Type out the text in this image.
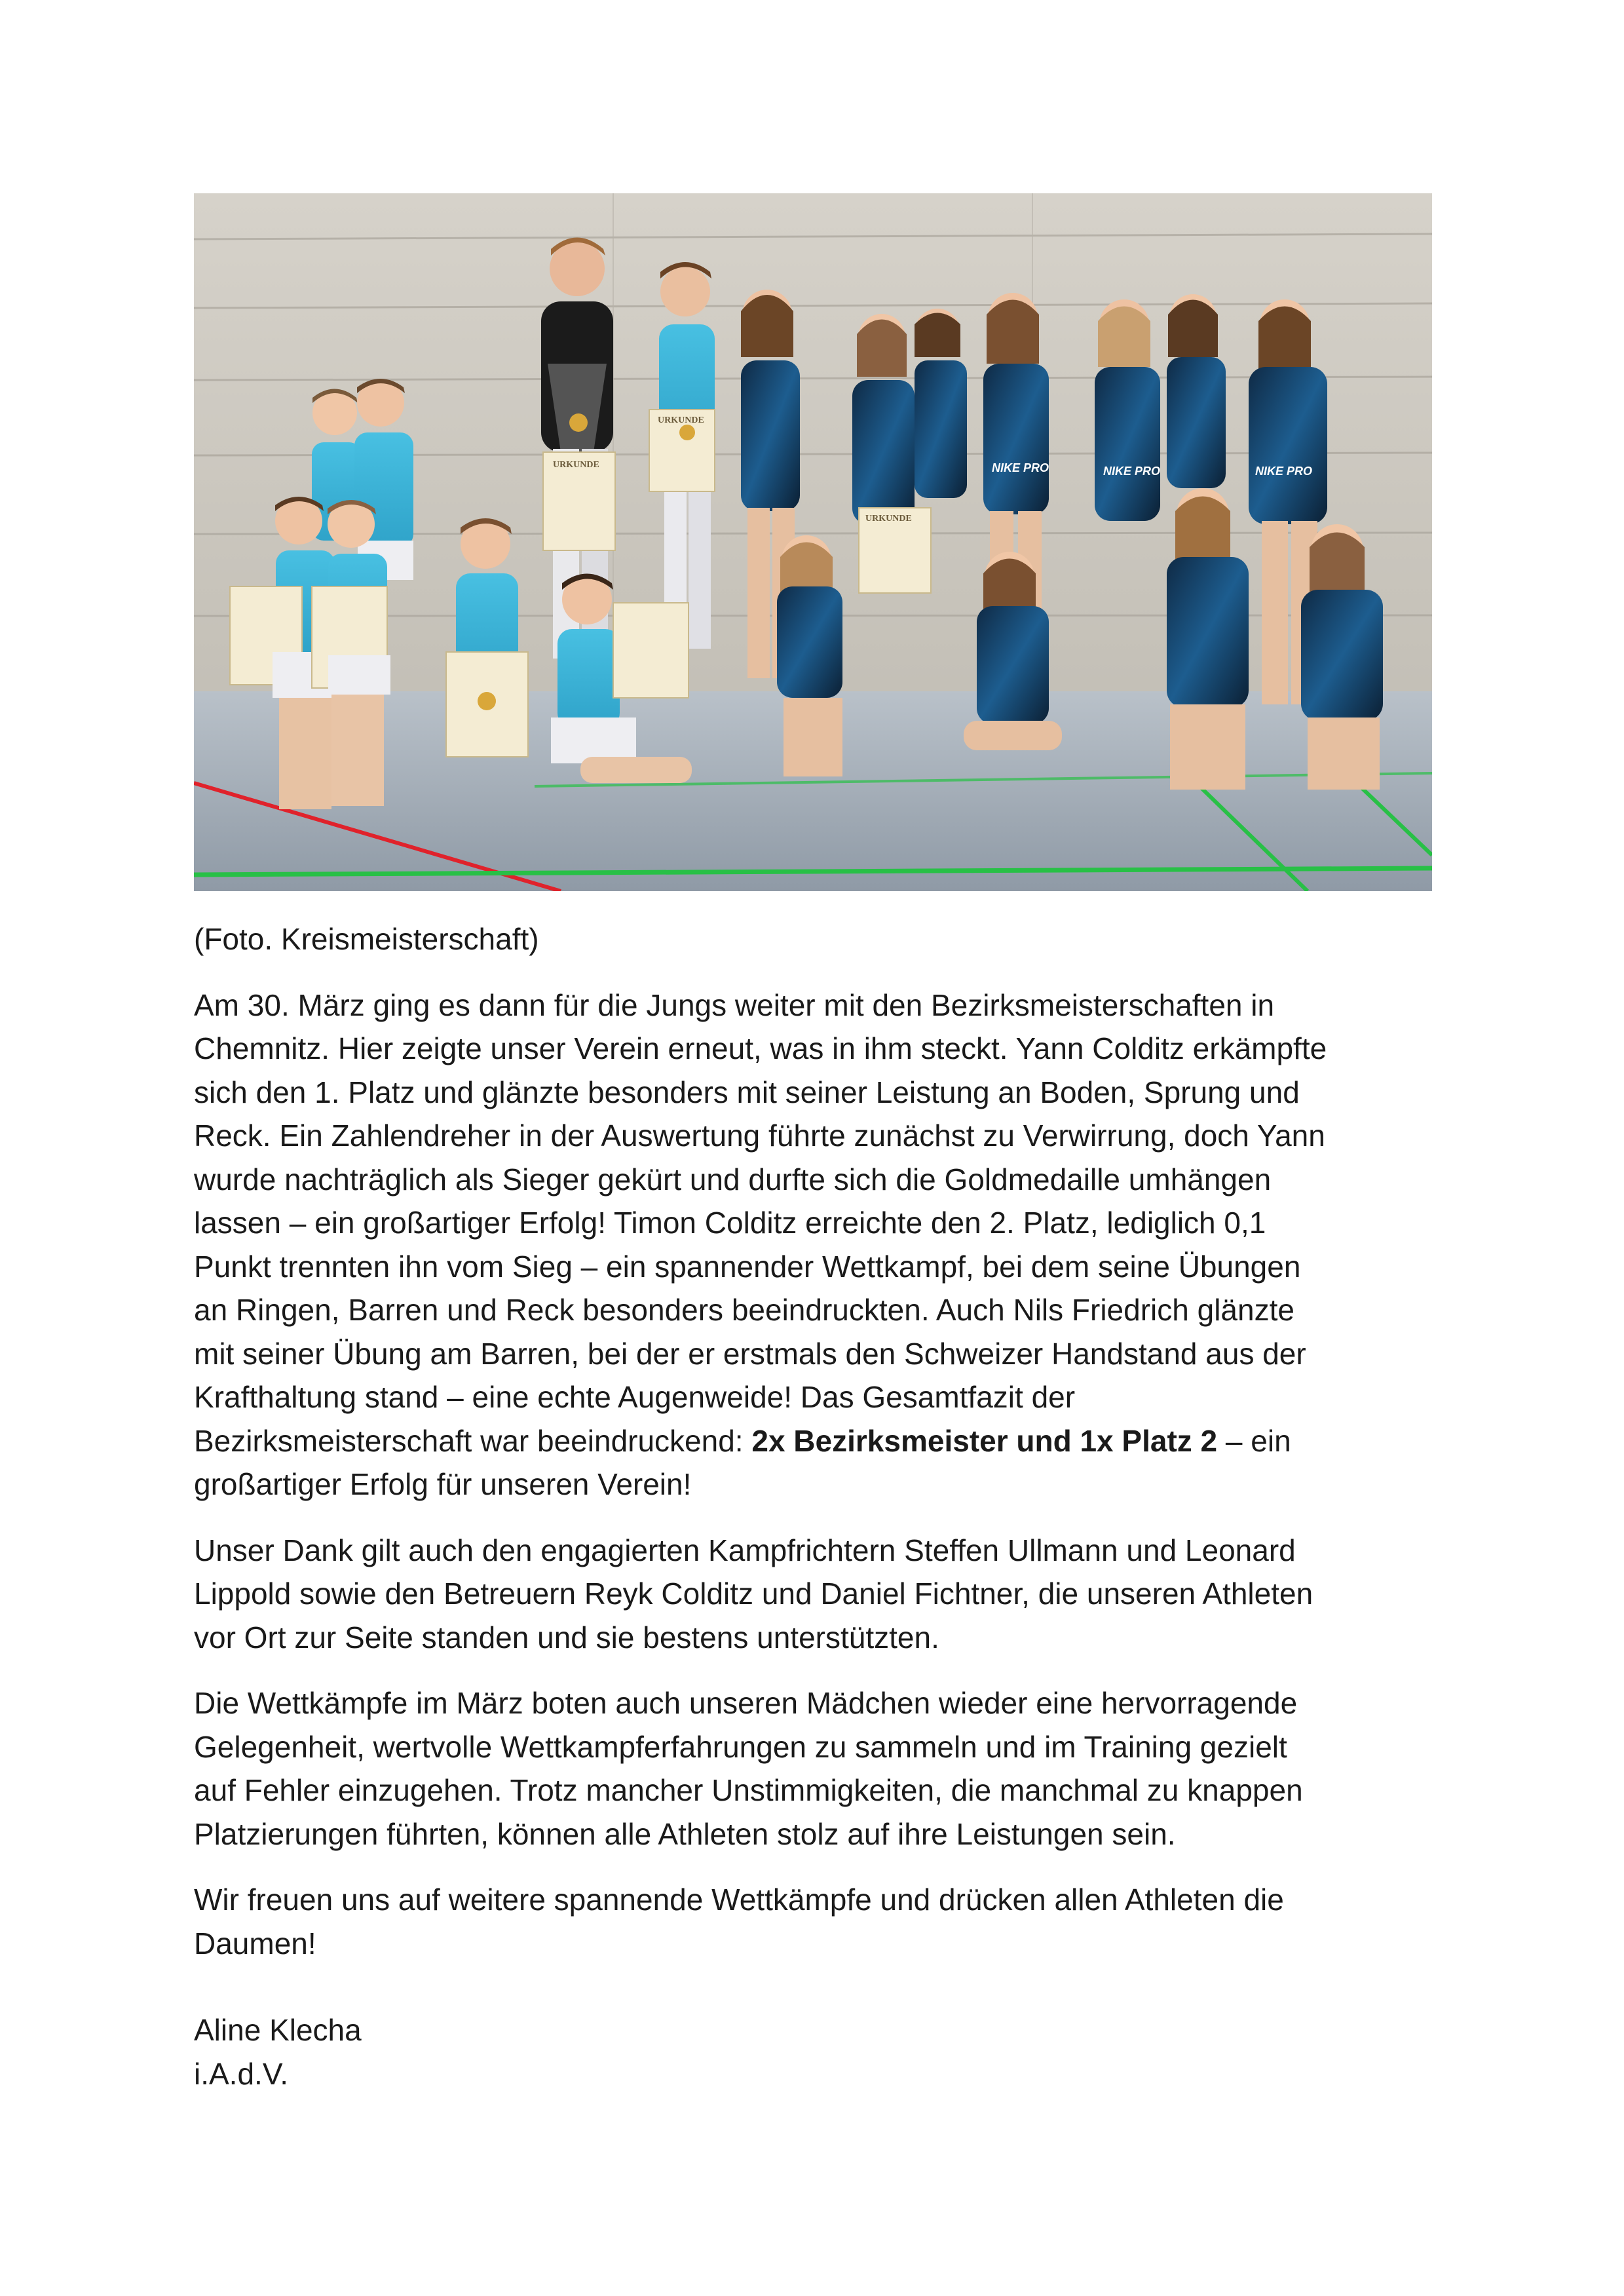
URKUNDE
URKUNDE
URKUNDE
NIKE PRO	NIKE PRO	NIKE PRO

(Foto. Kreismeisterschaft)

Am 30. März ging es dann für die Jungs weiter mit den Bezirksmeisterschaften in
Chemnitz. Hier zeigte unser Verein erneut, was in ihm steckt. Yann Colditz erkämpfte
sich den 1. Platz und glänzte besonders mit seiner Leistung an Boden, Sprung und
Reck. Ein Zahlendreher in der Auswertung führte zunächst zu Verwirrung, doch Yann
wurde nachträglich als Sieger gekürt und durfte sich die Goldmedaille umhängen
lassen – ein großartiger Erfolg! Timon Colditz erreichte den 2. Platz, lediglich 0,1
Punkt trennten ihn vom Sieg – ein spannender Wettkampf, bei dem seine Übungen
an Ringen, Barren und Reck besonders beeindruckten. Auch Nils Friedrich glänzte
mit seiner Übung am Barren, bei der er erstmals den Schweizer Handstand aus der
Krafthaltung stand – eine echte Augenweide! Das Gesamtfazit der
Bezirksmeisterschaft war beeindruckend: 2x Bezirksmeister und 1x Platz 2 – ein
großartiger Erfolg für unseren Verein!

Unser Dank gilt auch den engagierten Kampfrichtern Steffen Ullmann und Leonard
Lippold sowie den Betreuern Reyk Colditz und Daniel Fichtner, die unseren Athleten
vor Ort zur Seite standen und sie bestens unterstützten.

Die Wettkämpfe im März boten auch unseren Mädchen wieder eine hervorragende
Gelegenheit, wertvolle Wettkampferfahrungen zu sammeln und im Training gezielt
auf Fehler einzugehen. Trotz mancher Unstimmigkeiten, die manchmal zu knappen
Platzierungen führten, können alle Athleten stolz auf ihre Leistungen sein.

Wir freuen uns auf weitere spannende Wettkämpfe und drücken allen Athleten die
Daumen!

Aline Klecha
i.A.d.V.
